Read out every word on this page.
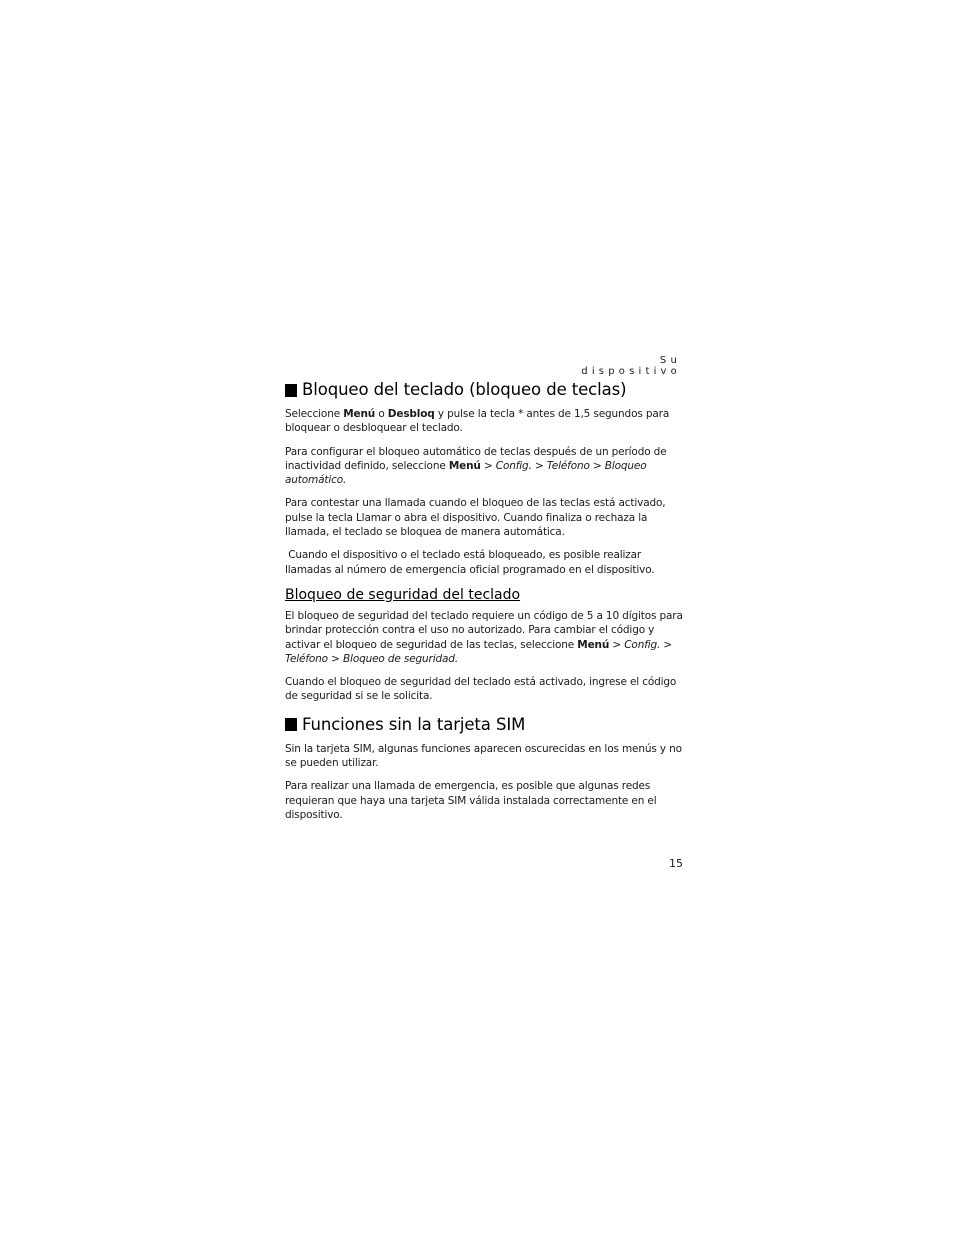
Su dispositivo
Bloqueo del teclado (bloqueo de teclas)

Seleccione Menú o Desbloq y pulse la tecla * antes de 1,5 segundos para bloquear o desbloquear el teclado.

Para configurar el bloqueo automático de teclas después de un período de inactividad definido, seleccione Menú > Config. > Teléfono > Bloqueo automático.

Para contestar una llamada cuando el bloqueo de las teclas está activado, pulse la tecla Llamar o abra el dispositivo. Cuando finaliza o rechaza la llamada, el teclado se bloquea de manera automática.

Cuando el dispositivo o el teclado está bloqueado, es posible realizar llamadas al número de emergencia oficial programado en el dispositivo.

Bloqueo de seguridad del teclado

El bloqueo de seguridad del teclado requiere un código de 5 a 10 dígitos para brindar protección contra el uso no autorizado. Para cambiar el código y activar el bloqueo de seguridad de las teclas, seleccione Menú > Config. > Teléfono > Bloqueo de seguridad.

Cuando el bloqueo de seguridad del teclado está activado, ingrese el código de seguridad si se le solicita.

Funciones sin la tarjeta SIM

Sin la tarjeta SIM, algunas funciones aparecen oscurecidas en los menús y no se pueden utilizar.

Para realizar una llamada de emergencia, es posible que algunas redes requieran que haya una tarjeta SIM válida instalada correctamente en el dispositivo.

15
